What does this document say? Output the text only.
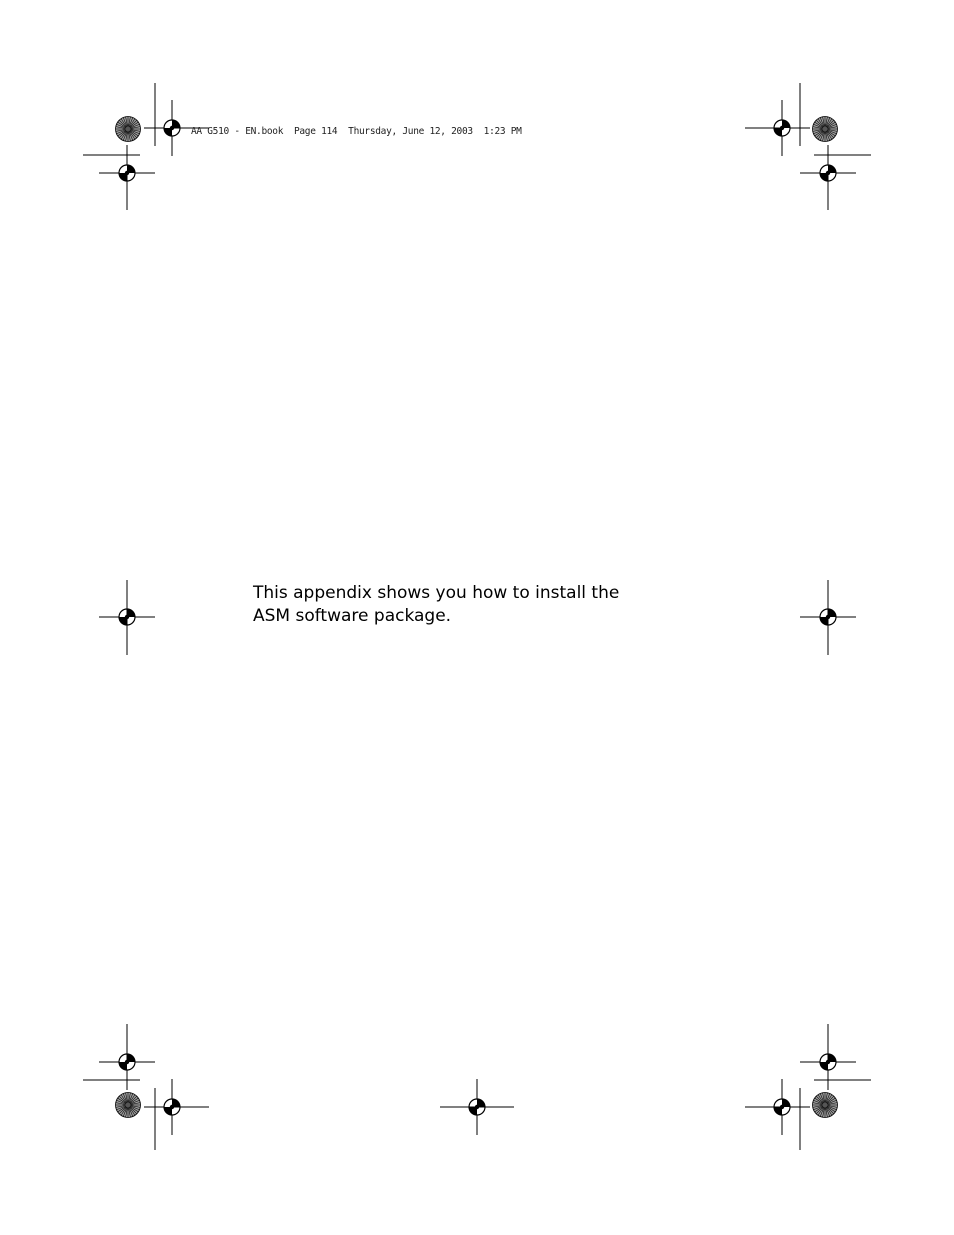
AA G510 - EN.book  Page 114  Thursday, June 12, 2003  1:23 PM

This appendix shows you how to install the

ASM software package.
